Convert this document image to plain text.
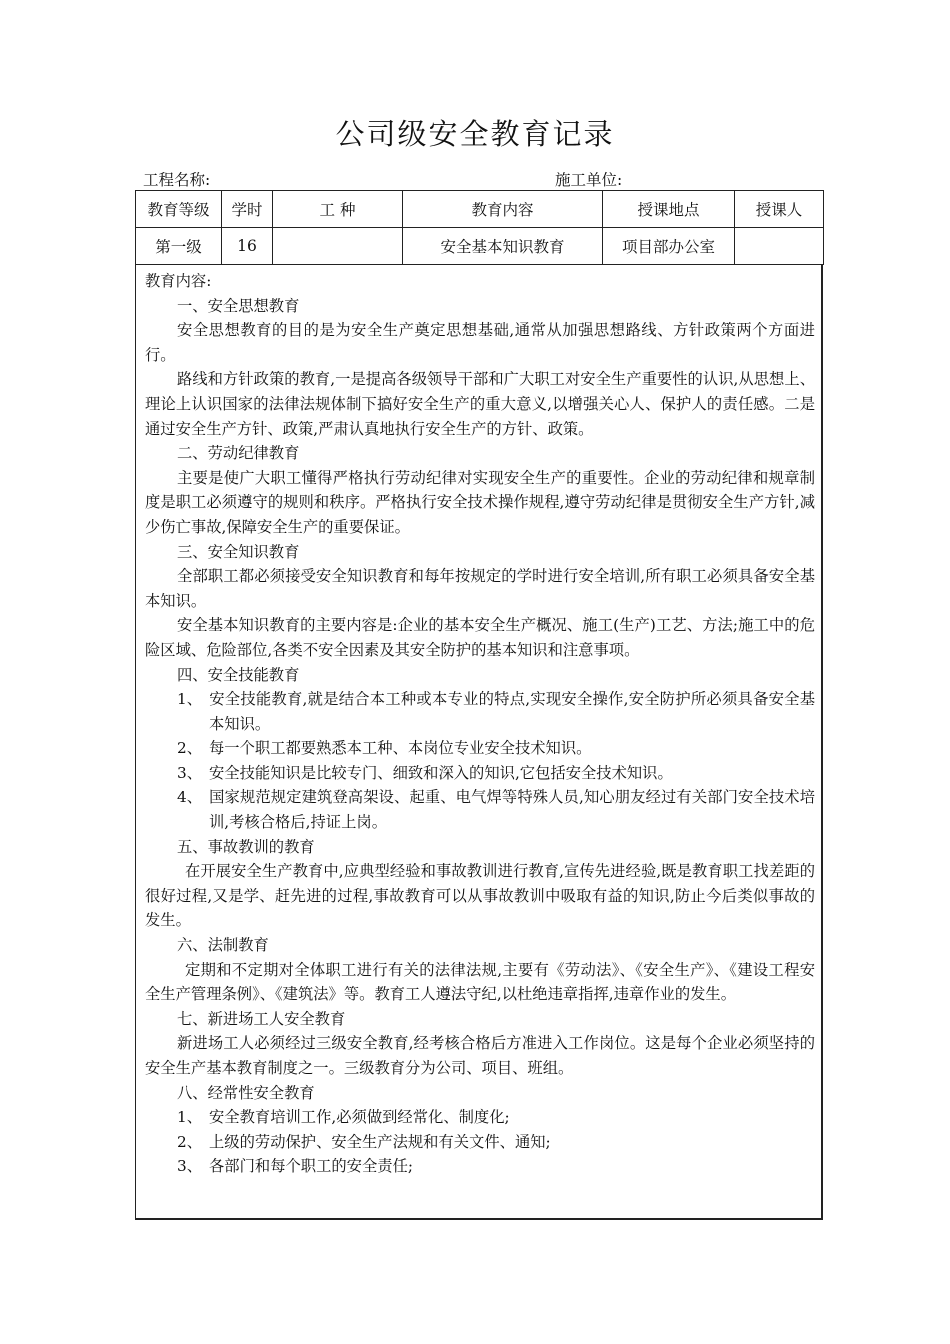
公司级安全教育记录
工程名称:	施工单位:
教育等级	学时	工 种	教育内容	授课地点	授课人
第一级	16		安全基本知识教育	项目部办公室	

教育内容:

一、安全思想教育

安全思想教育的目的是为安全生产奠定思想基础,通常从加强思想路线、方针政策两个方面进行。

路线和方针政策的教育,一是提高各级领导干部和广大职工对安全生产重要性的认识,从思想上、理论上认识国家的法律法规体制下搞好安全生产的重大意义,以增强关心人、保护人的责任感。二是通过安全生产方针、政策,严肃认真地执行安全生产的方针、政策。

二、劳动纪律教育

主要是使广大职工懂得严格执行劳动纪律对实现安全生产的重要性。企业的劳动纪律和规章制度是职工必须遵守的规则和秩序。严格执行安全技术操作规程,遵守劳动纪律是贯彻安全生产方针,减少伤亡事故,保障安全生产的重要保证。

三、安全知识教育

全部职工都必须接受安全知识教育和每年按规定的学时进行安全培训,所有职工必须具备安全基本知识。

安全基本知识教育的主要内容是:企业的基本安全生产概况、施工(生产)工艺、方法;施工中的危险区域、危险部位,各类不安全因素及其安全防护的基本知识和注意事项。

四、安全技能教育

1、 安全技能教育,就是结合本工种或本专业的特点,实现安全操作,安全防护所必须具备安全基本知识。

2、 每一个职工都要熟悉本工种、本岗位专业安全技术知识。

3、 安全技能知识是比较专门、细致和深入的知识,它包括安全技术知识。

4、 国家规范规定建筑登高架设、起重、电气焊等特殊人员,知心朋友经过有关部门安全技术培训,考核合格后,持证上岗。

五、事故教训的教育

在开展安全生产教育中,应典型经验和事故教训进行教育,宣传先进经验,既是教育职工找差距的很好过程,又是学、赶先进的过程,事故教育可以从事故教训中吸取有益的知识,防止今后类似事故的发生。

六、法制教育

定期和不定期对全体职工进行有关的法律法规,主要有《劳动法》、《安全生产》、《建设工程安全生产管理条例》、《建筑法》等。教育工人遵法守纪,以杜绝违章指挥,违章作业的发生。

七、新进场工人安全教育

新进场工人必须经过三级安全教育,经考核合格后方准进入工作岗位。这是每个企业必须坚持的安全生产基本教育制度之一。三级教育分为公司、项目、班组。

八、经常性安全教育

1、 安全教育培训工作,必须做到经常化、制度化;

2、 上级的劳动保护、安全生产法规和有关文件、通知;

3、 各部门和每个职工的安全责任;
